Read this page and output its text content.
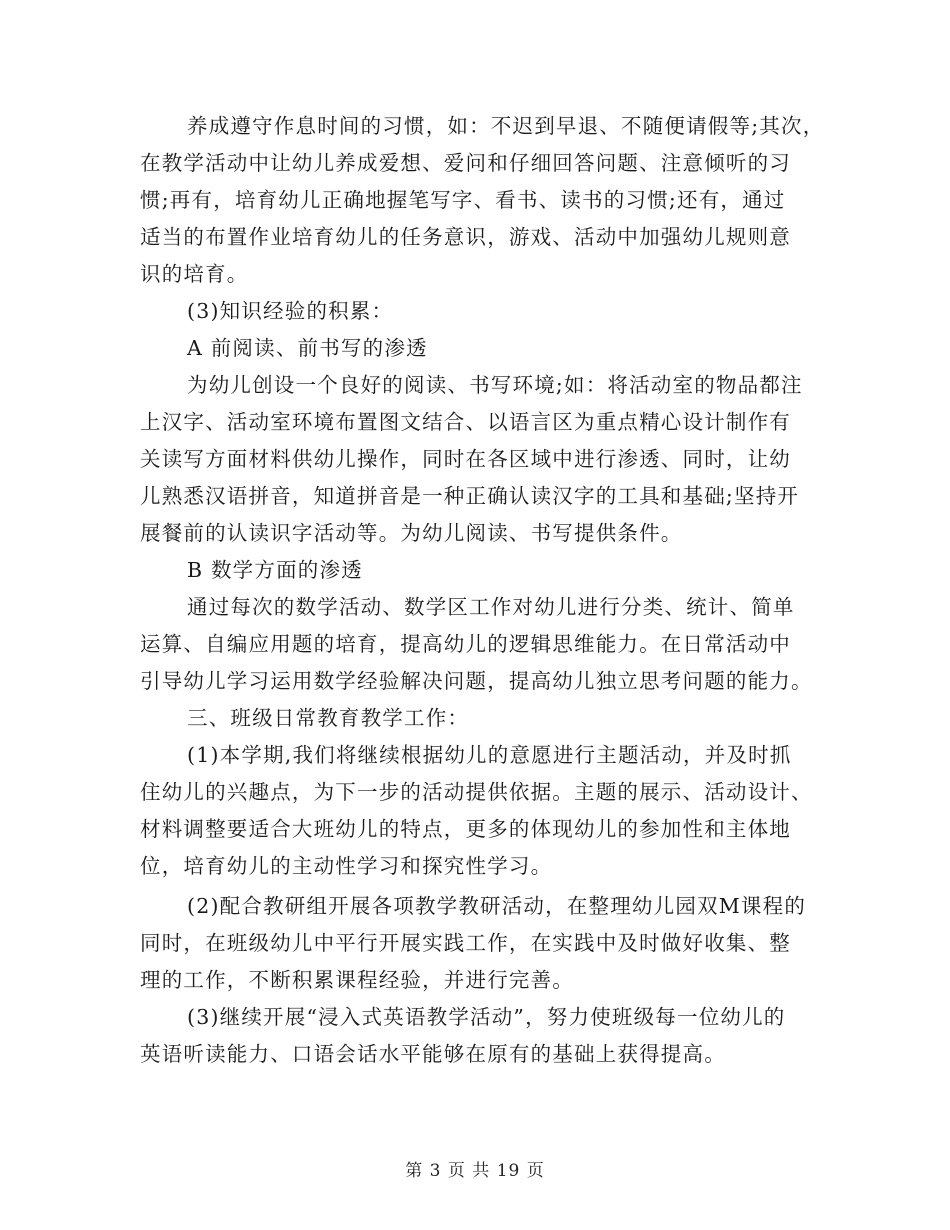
养成遵守作息时间的习惯，如：不迟到早退、不随便请假等;其次，
在教学活动中让幼儿养成爱想、爱问和仔细回答问题、注意倾听的习
惯;再有，培育幼儿正确地握笔写字、看书、读书的习惯;还有，通过
适当的布置作业培育幼儿的任务意识，游戏、活动中加强幼儿规则意
识的培育。
(3)知识经验的积累：
A 前阅读、前书写的渗透
为幼儿创设一个良好的阅读、书写环境;如：将活动室的物品都注
上汉字、活动室环境布置图文结合、以语言区为重点精心设计制作有
关读写方面材料供幼儿操作，同时在各区域中进行渗透、同时，让幼
儿熟悉汉语拼音，知道拼音是一种正确认读汉字的工具和基础;坚持开
展餐前的认读识字活动等。为幼儿阅读、书写提供条件。
B 数学方面的渗透
通过每次的数学活动、数学区工作对幼儿进行分类、统计、简单
运算、自编应用题的培育，提高幼儿的逻辑思维能力。在日常活动中
引导幼儿学习运用数学经验解决问题，提高幼儿独立思考问题的能力。
三、班级日常教育教学工作：
(1)本学期,我们将继续根据幼儿的意愿进行主题活动，并及时抓
住幼儿的兴趣点，为下一步的活动提供依据。主题的展示、活动设计、
材料调整要适合大班幼儿的特点，更多的体现幼儿的参加性和主体地
位，培育幼儿的主动性学习和探究性学习。
(2)配合教研组开展各项教学教研活动，在整理幼儿园双M课程的
同时，在班级幼儿中平行开展实践工作，在实践中及时做好收集、整
理的工作，不断积累课程经验，并进行完善。
(3)继续开展“浸入式英语教学活动”，努力使班级每一位幼儿的
英语听读能力、口语会话水平能够在原有的基础上获得提高。
第 3 页 共 19 页
